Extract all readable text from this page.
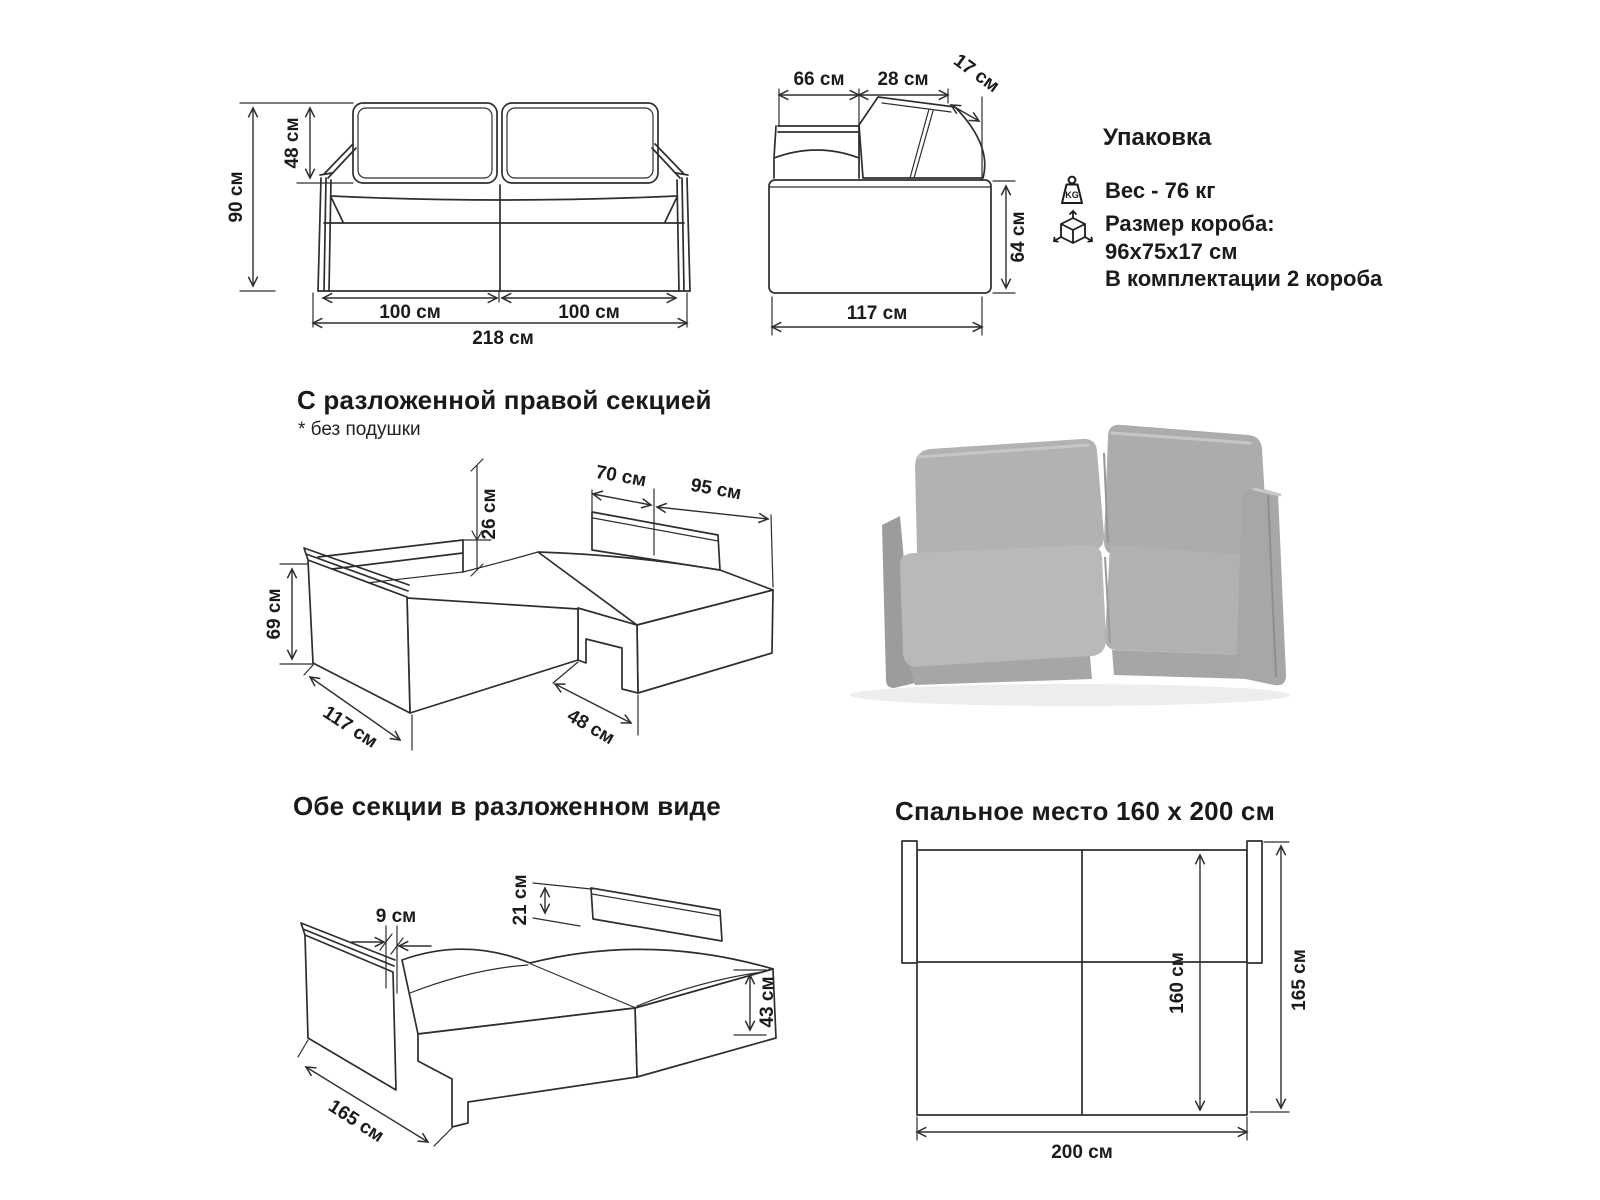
90 см
48 см
100 см	100 см
218 см
66 см 28 см 17 см
64 см
117 см
Упаковка
KG Вес - 76 кг
Размер короба:
96x75x17 см
В комплектации 2 короба
С разложенной правой секцией
* без подушки
69 см
26 см
70 см 95 см
117 см	48 см
Обе секции в разложенном виде
9 см	21 см
43 см
165 см
Спальное место 160 x 200 см
160 см	165 см
200 см
